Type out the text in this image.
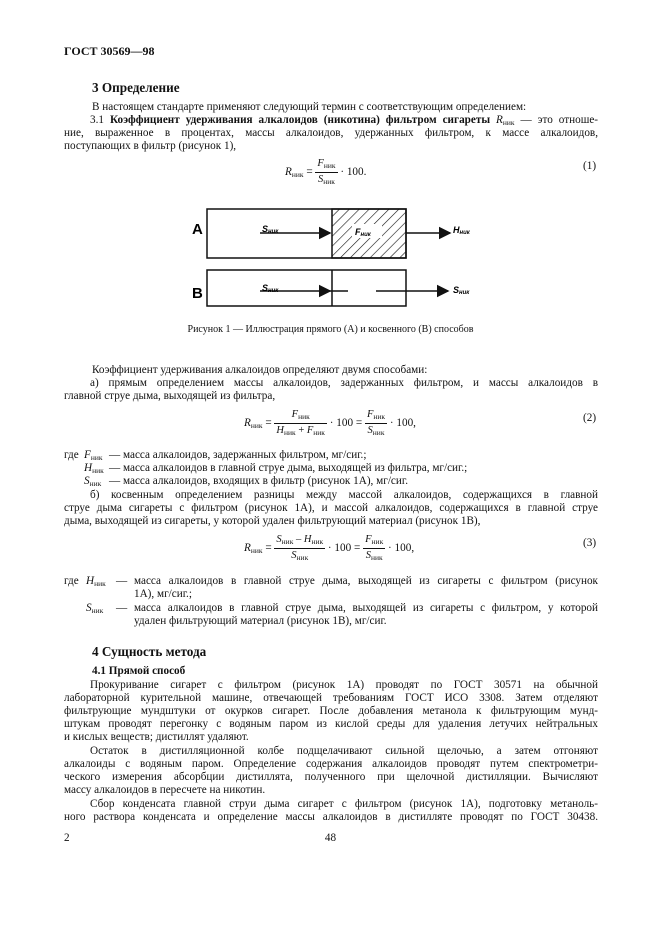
ГОСТ 30569—98
3 Определение
В настоящем стандарте применяют следующий термин с соответствующим определением:
3.1 Коэффициент удерживания алкалоидов (никотина) фильтром сигареты $R_{ник}$ — это отноше-
ние, выраженное в процентах, массы алкалоидов, удержанных фильтром, к массе алкалоидов,
поступающих в фильтр (рисунок 1),
$R_{ник} = \frac{F_{ник}}{S_{ник}} \cdot 100$.
(1)
A	Sник	Fник	Hник
B	Sник	Sник
Рисунок 1 — Иллюстрация прямого (А) и косвенного (В) способов
Коэффициент удерживания алкалоидов определяют двумя способами:
а) прямым определением массы алкалоидов, задержанных фильтром, и массы алкалоидов в
главной струе дыма, выходящей из фильтра,
$R_{ник} = \frac{F_{ник}}{H_{ник} + F_{ник}} \cdot 100 = \frac{F_{ник}}{S_{ник}} \cdot 100$,	(2)
где $F_{ник}$ — масса алкалоидов, задержанных фильтром, мг/сиг.;
$H_{ник}$ — масса алкалоидов в главной струе дыма, выходящей из фильтра, мг/сиг.;
$S_{ник}$ — масса алкалоидов, входящих в фильтр (рисунок 1А), мг/сиг.
б) косвенным определением разницы между массой алкалоидов, содержащихся в главной
струе дыма сигареты с фильтром (рисунок 1А), и массой алкалоидов, содержащихся в главной струе
дыма, выходящей из сигареты, у которой удален фильтрующий материал (рисунок 1В),
$R_{ник} = \frac{S_{ник} - H_{ник}}{S_{ник}} \cdot 100 = \frac{F_{ник}}{S_{ник}} \cdot 100$,	(3)
где $H_{ник}$ — масса алкалоидов в главной струе дыма, выходящей из сигареты с фильтром (рисунок
1А), мг/сиг.;
$S_{ник}$ — масса алкалоидов в главной струе дыма, выходящей из сигареты с фильтром, у которой
удален фильтрующий материал (рисунок 1В), мг/сиг.
4 Сущность метода
4.1 Прямой способ
Прокуривание сигарет с фильтром (рисунок 1А) проводят по ГОСТ 30571 на обычной
лабораторной курительной машине, отвечающей требованиям ГОСТ ИСО 3308. Затем отделяют
фильтрующие мундштуки от окурков сигарет. После добавления метанола к фильтрующим мунд-
штукам проводят перегонку с водяным паром из кислой среды для удаления летучих нейтральных
и кислых веществ; дистиллят удаляют.
Остаток в дистилляционной колбе подщелачивают сильной щелочью, а затем отгоняют
алкалоиды с водяным паром. Определение содержания алкалоидов проводят путем спектрометри-
ческого измерения абсорбции дистиллята, полученного при щелочной дистилляции. Вычисляют
массу алкалоидов в пересчете на никотин.
Сбор конденсата главной струи дыма сигарет с фильтром (рисунок 1А), подготовку метаноль-
ного раствора конденсата и определение массы алкалоидов в дистилляте проводят по ГОСТ 30438.
2	48
